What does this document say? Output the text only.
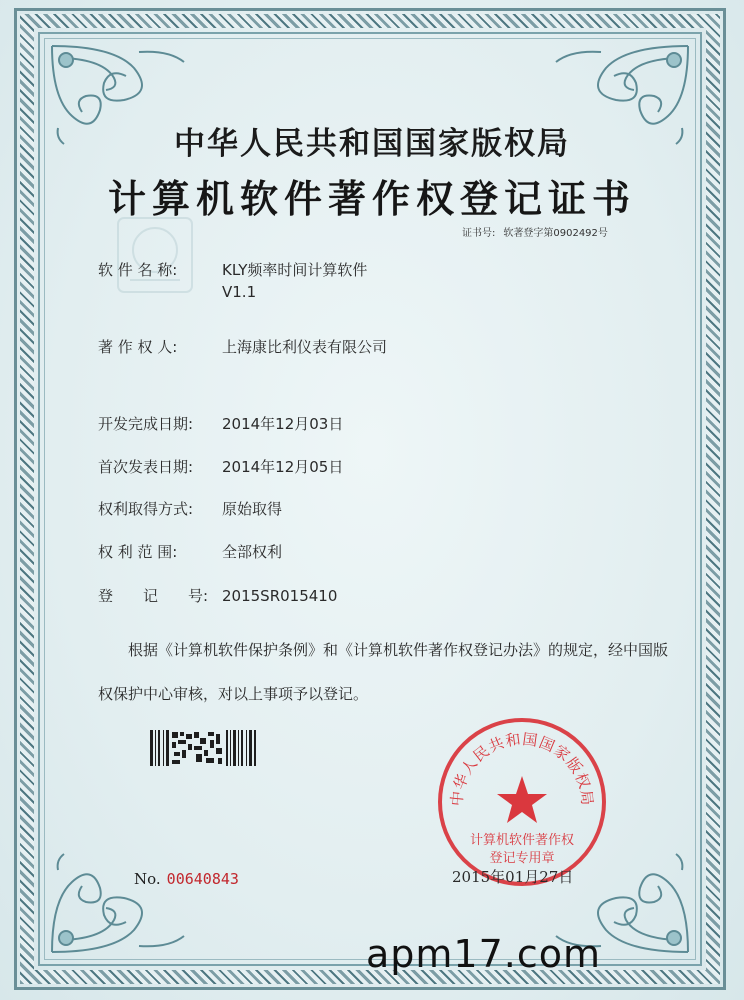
中华人民共和国国家版权局
计算机软件著作权登记证书
证书号: 软著登字第0902492号
软 件 名 称:	KLY频率时间计算软件
V1.1
著 作 权 人:	上海康比利仪表有限公司
开发完成日期: 2014年12月03日
首次发表日期: 2014年12月05日
权利取得方式: 原始取得
权 利 范 围:	全部权利
登　　记　　号: 2015SR015410
根据《计算机软件保护条例》和《计算机软件著作权登记办法》的规定，经中国版权保护中心审核，对以上事项予以登记。
中华人民共和国国家版权局
计算机软件著作权
登记专用章
No. 00640843	2015年01月27日
apm17.com
